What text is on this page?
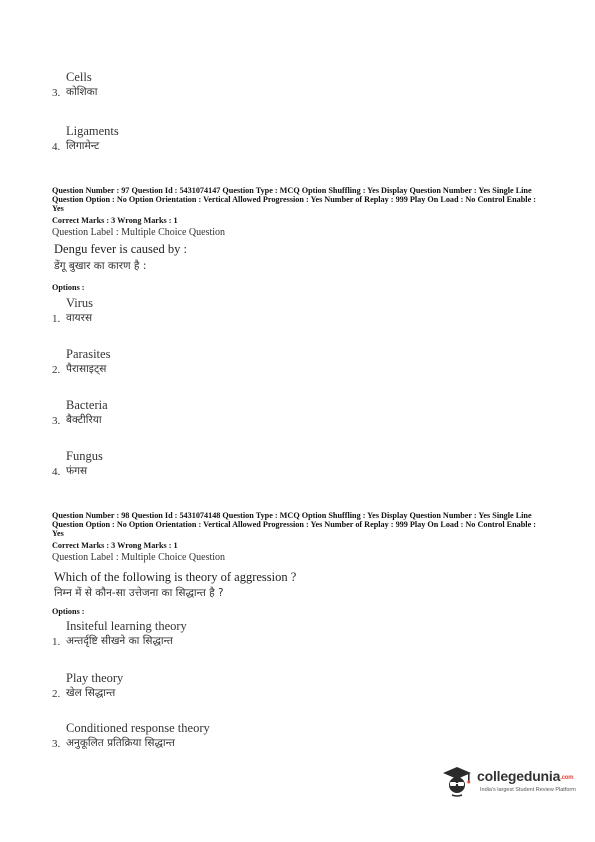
Cells
3. कोशिका
Ligaments
4. लिगामेन्ट
Question Number : 97 Question Id : 5431074147 Question Type : MCQ Option Shuffling : Yes Display Question Number : Yes Single Line Question Option : No Option Orientation : Vertical Allowed Progression : Yes Number of Replay : 999 Play On Load : No Control Enable : Yes
Correct Marks : 3 Wrong Marks : 1
Question Label : Multiple Choice Question
Dengu fever is caused by :
डेंगू बुखार का कारण है :
Options :
Virus
1. वायरस
Parasites
2. पैरासाइट्स
Bacteria
3. बैक्टीरिया
Fungus
4. फंगस
Question Number : 98 Question Id : 5431074148 Question Type : MCQ Option Shuffling : Yes Display Question Number : Yes Single Line Question Option : No Option Orientation : Vertical Allowed Progression : Yes Number of Replay : 999 Play On Load : No Control Enable : Yes
Correct Marks : 3 Wrong Marks : 1
Question Label : Multiple Choice Question
Which of the following is theory of aggression ?
निम्न में से कौन-सा उत्तेजना का सिद्धान्त है ?
Options :
Insiteful learning theory
1. अन्तर्दृष्टि सीखने का सिद्धान्त
Play theory
2. खेल सिद्धान्त
Conditioned response theory
3. अनुकूलित प्रतिक्रिया सिद्धान्त
collegedunia.com
India's largest Student Review Platform
